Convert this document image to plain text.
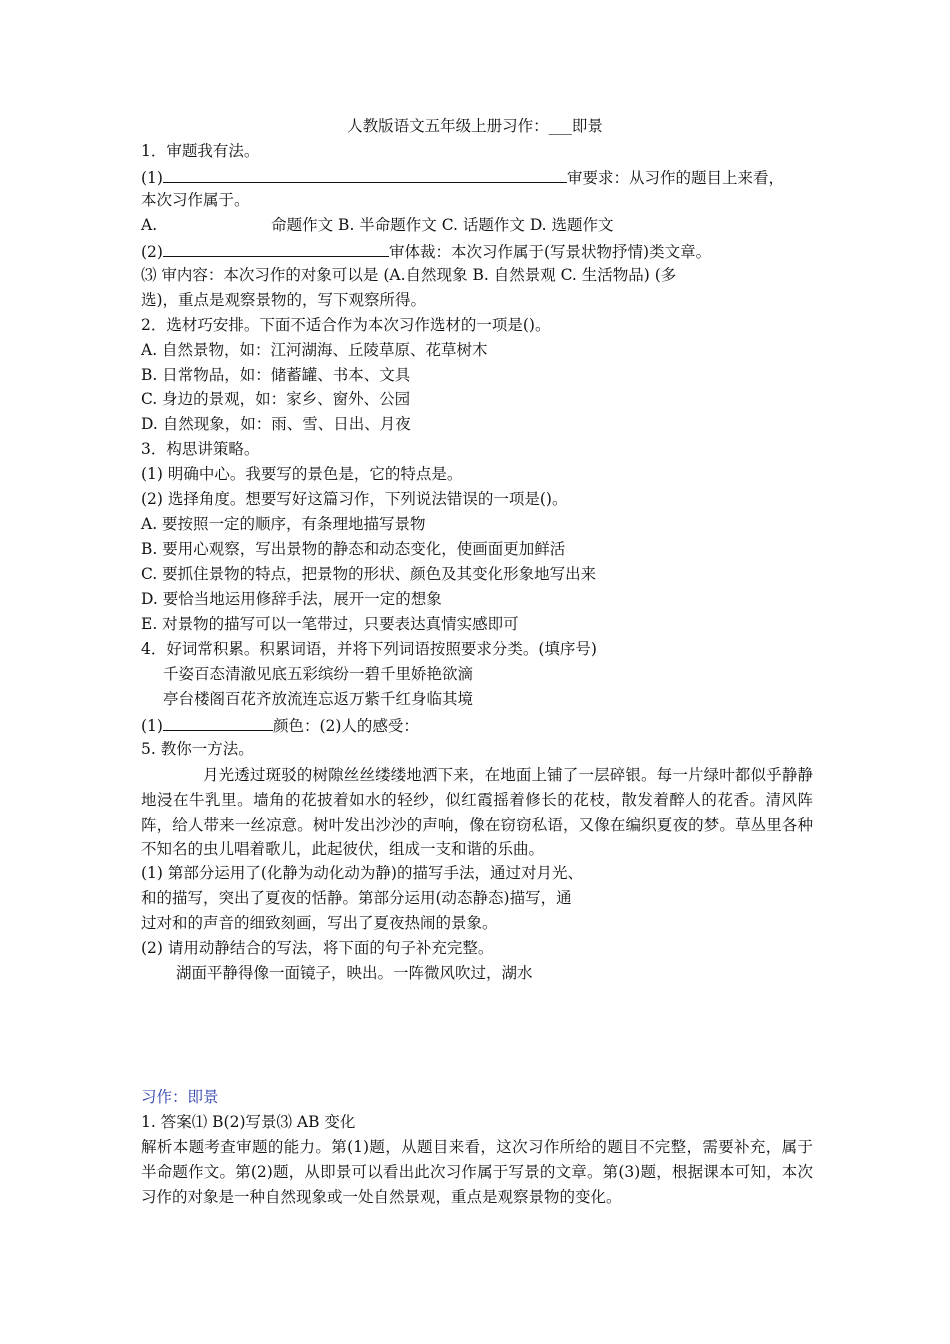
人教版语文五年级上册习作：___即景
1．审题我有法。
(1)	审要求：从习作的题目上来看，
本次习作属于。
A.	命题作文 B. 半命题作文 C. 话题作文 D. 选题作文
(2)	审体裁：本次习作属于(写景状物抒情)类文章。
⑶ 审内容：本次习作的对象可以是 (A.自然现象 B. 自然景观 C. 生活物品) (多
选)，重点是观察景物的，写下观察所得。
2．选材巧安排。下面不适合作为本次习作选材的一项是()。
A. 自然景物，如：江河湖海、丘陵草原、花草树木
B. 日常物品，如：储蓄罐、书本、文具
C. 身边的景观，如：家乡、窗外、公园
D. 自然现象，如：雨、雪、日出、月夜
3．构思讲策略。
(1) 明确中心。我要写的景色是，它的特点是。
(2) 选择角度。想要写好这篇习作，下列说法错误的一项是()。
A. 要按照一定的顺序，有条理地描写景物
B. 要用心观察，写出景物的静态和动态变化，使画面更加鲜活
C. 要抓住景物的特点，把景物的形状、颜色及其变化形象地写出来
D. 要恰当地运用修辞手法，展开一定的想象
E. 对景物的描写可以一笔带过，只要表达真情实感即可
4．好词常积累。积累词语，并将下列词语按照要求分类。(填序号)
千姿百态清澈见底五彩缤纷一碧千里娇艳欲滴
亭台楼阁百花齐放流连忘返万紫千红身临其境
(1)	颜色：(2)人的感受：
5. 教你一方法。
月光透过斑驳的树隙丝丝缕缕地洒下来，在地面上铺了一层碎银。每一片绿叶都似乎静静地浸在牛乳里。墙角的花披着如水的轻纱，似红霞摇着修长的花枝，散发着醉人的花香。清风阵阵，给人带来一丝凉意。树叶发出沙沙的声响，像在窃窃私语，又像在编织夏夜的梦。草丛里各种不知名的虫儿唱着歌儿，此起彼伏，组成一支和谐的乐曲。
(1) 第部分运用了(化静为动化动为静)的描写手法，通过对月光、
和的描写，突出了夏夜的恬静。第部分运用(动态静态)描写，通
过对和的声音的细致刻画，写出了夏夜热闹的景象。
(2) 请用动静结合的写法，将下面的句子补充完整。
湖面平静得像一面镜子，映出。一阵微风吹过，湖水
习作：即景
1. 答案⑴ B(2)写景⑶ AB 变化
解析本题考查审题的能力。第(1)题，从题目来看，这次习作所给的题目不完整，需要补充，属于半命题作文。第(2)题，从即景可以看出此次习作属于写景的文章。第(3)题，根据课本可知，本次习作的对象是一种自然现象或一处自然景观，重点是观察景物的变化。
